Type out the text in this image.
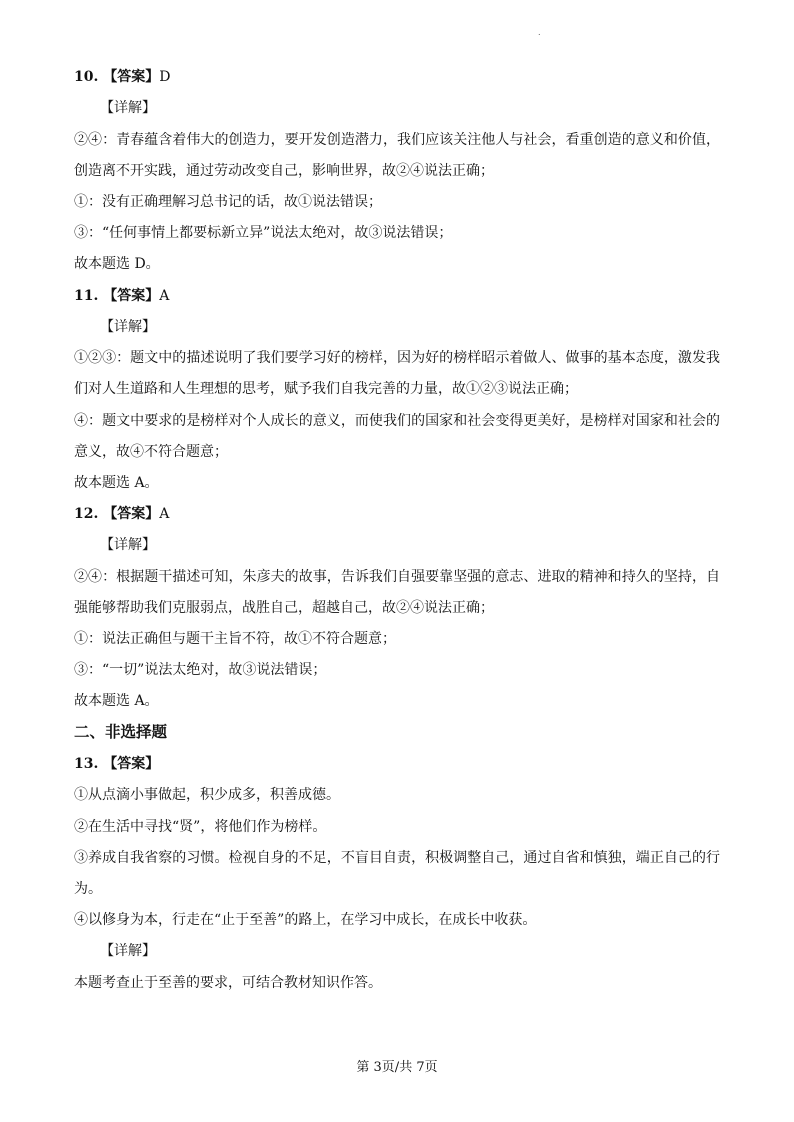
.
10. 【答案】D
【详解】
②④：青春蕴含着伟大的创造力，要开发创造潜力，我们应该关注他人与社会，看重创造的意义和价值，
创造离不开实践，通过劳动改变自己，影响世界，故②④说法正确；
①：没有正确理解习总书记的话，故①说法错误；
③：“任何事情上都要标新立异”说法太绝对，故③说法错误；
故本题选 D。
11. 【答案】A
【详解】
①②③：题文中的描述说明了我们要学习好的榜样，因为好的榜样昭示着做人、做事的基本态度，激发我
们对人生道路和人生理想的思考，赋予我们自我完善的力量，故①②③说法正确；
④：题文中要求的是榜样对个人成长的意义，而使我们的国家和社会变得更美好，是榜样对国家和社会的
意义，故④不符合题意；
故本题选 A。
12. 【答案】A
【详解】
②④：根据题干描述可知，朱彦夫的故事，告诉我们自强要靠坚强的意志、进取的精神和持久的坚持，自
强能够帮助我们克服弱点，战胜自己，超越自己，故②④说法正确；
①：说法正确但与题干主旨不符，故①不符合题意；
③：“一切”说法太绝对，故③说法错误；
故本题选 A。
二、非选择题
13. 【答案】
①从点滴小事做起，积少成多，积善成德。
②在生活中寻找“贤”，将他们作为榜样。
③养成自我省察的习惯。检视自身的不足，不盲目自责，积极调整自己，通过自省和慎独，端正自己的行
为。
④以修身为本，行走在“止于至善”的路上，在学习中成长，在成长中收获。
【详解】
本题考查止于至善的要求，可结合教材知识作答。
第 3页/共 7页
